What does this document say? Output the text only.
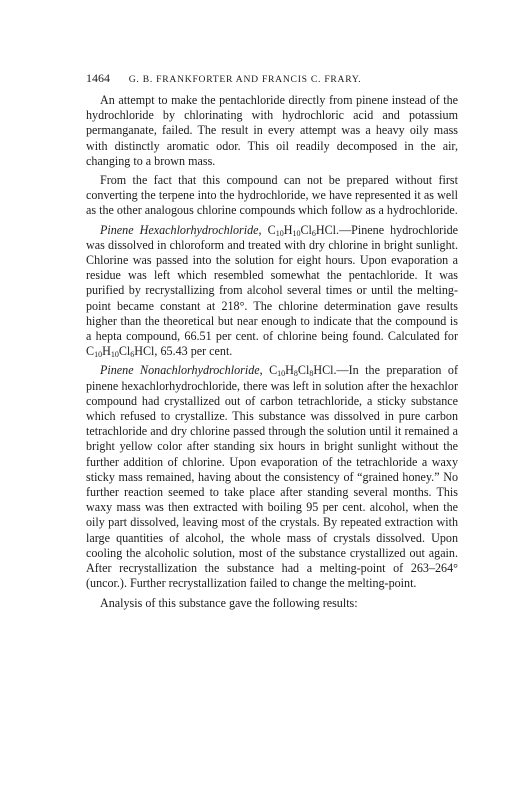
1464 G. B. FRANKFORTER AND FRANCIS C. FRARY.

An attempt to make the pentachloride directly from pinene instead of the hydrochloride by chlorinating with hydrochloric acid and potassium permanganate, failed. The result in every attempt was a heavy oily mass with distinctly aromatic odor. This oil readily decomposed in the air, changing to a brown mass.

From the fact that this compound can not be prepared without first converting the terpene into the hydrochloride, we have represented it as well as the other analogous chlorine compounds which follow as a hydrochloride.

Pinene Hexachlorhydrochloride, $C_{10}H_{10}Cl_6HCl.—Pinene$ hydrochloride was dissolved in chloroform and treated with dry chlorine in bright sunlight. Chlorine was passed into the solution for eight hours. Upon evaporation a residue was left which resembled somewhat the pentachloride. It was purified by recrystallizing from alcohol several times or until the melting-point became constant at 218°. The chlorine determination gave results higher than the theoretical but near enough to indicate that the compound is a hepta compound, 66.51 per cent. of chlorine being found. Calculated for $C_{10}H_{10}Cl_6HCl$, 65.43 per cent.

Pinene Nonachlorhydrochloride, $C_{10}H_8Cl_8HCl.—In$ the preparation of pinene hexachlorhydrochloride, there was left in solution after the hexachlor compound had crystallized out of carbon tetrachloride, a sticky substance which refused to crystallize. This substance was dissolved in pure carbon tetrachloride and dry chlorine passed through the solution until it remained a bright yellow color after standing six hours in bright sunlight without the further addition of chlorine. Upon evaporation of the tetrachloride a waxy sticky mass remained, having about the consistency of “grained honey.” No further reaction seemed to take place after standing several months. This waxy mass was then extracted with boiling 95 per cent. alcohol, when the oily part dissolved, leaving most of the crystals. By repeated extraction with large quantities of alcohol, the whole mass of crystals dissolved. Upon cooling the alcoholic solution, most of the substance crystallized out again. After recrystallization the substance had a melting-point of 263–264° (uncor.). Further recrystallization failed to change the melting-point.

Analysis of this substance gave the following results:
